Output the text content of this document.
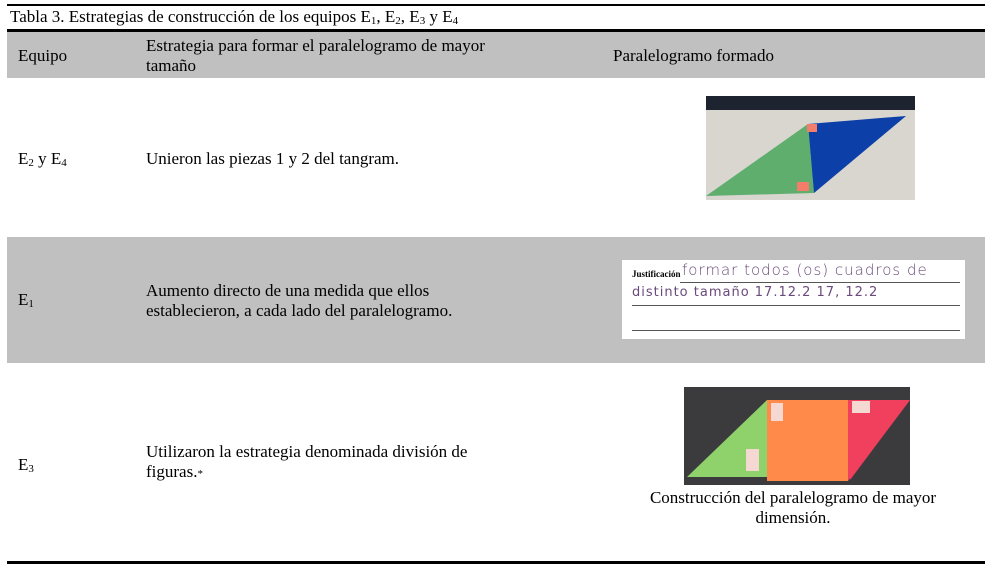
Tabla 3. Estrategias de construcción de los equipos $E_1$, $E_2$, $E_3$ y $E_4$
Equipo
Estrategia para formar el paralelogramo de mayor
tamaño
Paralelogramo formado
$E_2$ y $E_4$	Unieron las piezas 1 y 2 del tangram.
$E_1$
Aumento directo de una medida que ellos
establecieron, a cada lado del paralelogramo.
Justificación formar todos (os) cuadros de
distinto tamaño 17.12.2 17, 12.2
$E_3$
Utilizaron la estrategia denominada división de
figuras.*
Construcción del paralelogramo de mayor
dimensión.
